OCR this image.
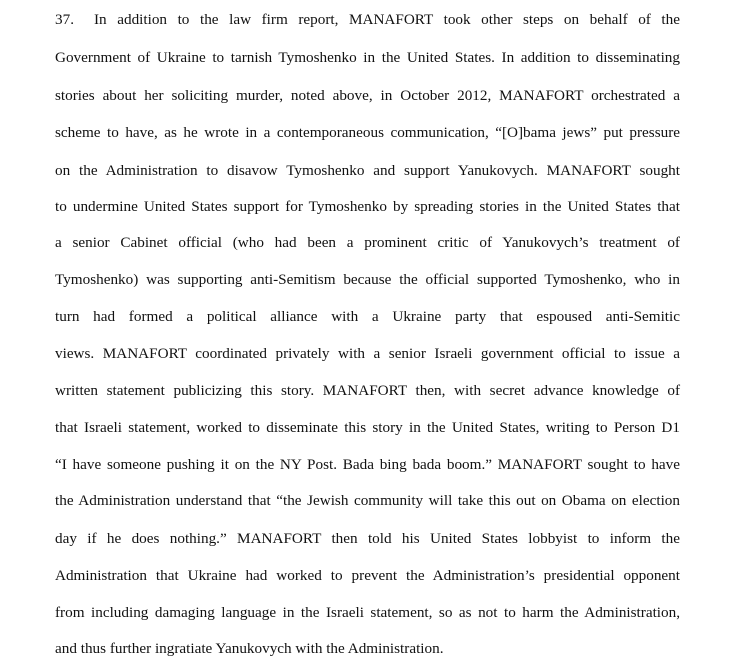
37. In addition to the law firm report, MANAFORT took other steps on behalf of the
Government of Ukraine to tarnish Tymoshenko in the United States. In addition to disseminating
stories about her soliciting murder, noted above, in October 2012, MANAFORT orchestrated a
scheme to have, as he wrote in a contemporaneous communication, “[O]bama jews” put pressure
on the Administration to disavow Tymoshenko and support Yanukovych. MANAFORT sought
to undermine United States support for Tymoshenko by spreading stories in the United States that
a senior Cabinet official (who had been a prominent critic of Yanukovych’s treatment of
Tymoshenko) was supporting anti-Semitism because the official supported Tymoshenko, who in
turn had formed a political alliance with a Ukraine party that espoused anti-Semitic
views. MANAFORT coordinated privately with a senior Israeli government official to issue a
written statement publicizing this story. MANAFORT then, with secret advance knowledge of
that Israeli statement, worked to disseminate this story in the United States, writing to Person D1
“I have someone pushing it on the NY Post. Bada bing bada boom.” MANAFORT sought to have
the Administration understand that “the Jewish community will take this out on Obama on election
day if he does nothing.” MANAFORT then told his United States lobbyist to inform the
Administration that Ukraine had worked to prevent the Administration’s presidential opponent
from including damaging language in the Israeli statement, so as not to harm the Administration,
and thus further ingratiate Yanukovych with the Administration.
